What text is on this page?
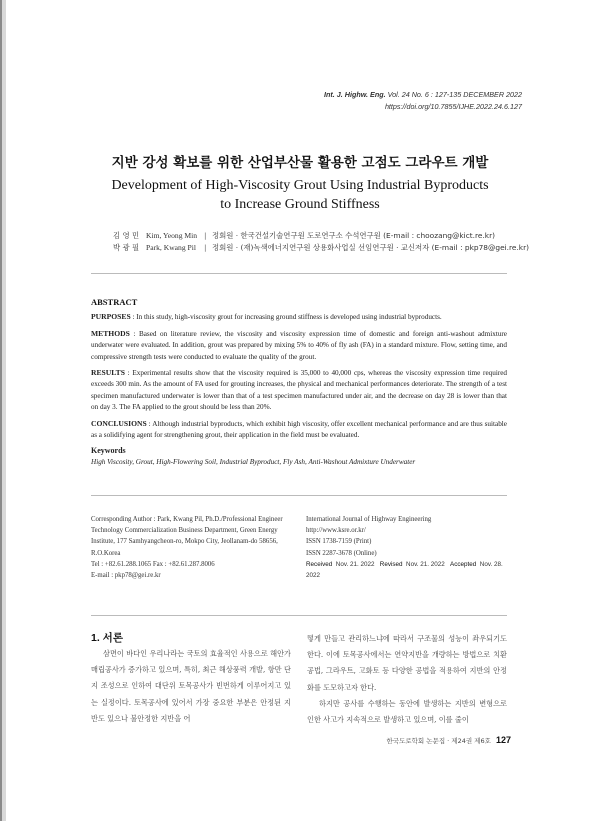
Int. J. Highw. Eng. Vol. 24 No. 6 : 127-135 DECEMBER 2022
https://doi.org/10.7855/IJHE.2022.24.6.127
지반 강성 확보를 위한 산업부산물 활용한 고점도 그라우트 개발
Development of High-Viscosity Grout Using Industrial Byproducts
to Increase Ground Stiffness
김 영 민 Kim, Yeong Min | 정회원 · 한국건설기술연구원 도로연구소 수석연구원 (E-mail : choozang@kict.re.kr)
박 광 필 Park, Kwang Pil	| 정회원 · (재)녹색에너지연구원 상용화사업실 선임연구원 · 교신저자 (E-mail : pkp78@gei.re.kr)
ABSTRACT

PURPOSES : In this study, high-viscosity grout for increasing ground stiffness is developed using industrial byproducts.

METHODS : Based on literature review, the viscosity and viscosity expression time of domestic and foreign anti-washout admixture underwater were evaluated. In addition, grout was prepared by mixing 5% to 40% of fly ash (FA) in a standard mixture. Flow, setting time, and compressive strength tests were conducted to evaluate the quality of the grout.

RESULTS : Experimental results show that the viscosity required is 35,000 to 40,000 cps, whereas the viscosity expression time required exceeds 300 min. As the amount of FA used for grouting increases, the physical and mechanical performances deteriorate. The strength of a test specimen manufactured underwater is lower than that of a test specimen manufactured under air, and the decrease on day 28 is lower than that on day 3. The FA applied to the grout should be less than 20%.

CONCLUSIONS : Although industrial byproducts, which exhibit high viscosity, offer excellent mechanical performance and are thus suitable as a solidifying agent for strengthening grout, their application in the field must be evaluated.

Keywords
High Viscosity, Grout, High-Flowering Soil, Industrial Byproduct, Fly Ash, Anti-Washout Admixture Underwater
Corresponding Author : Park, Kwang Pil, Ph.D./Professional Engineer
Technology Commercialization Business Department, Green Energy
Institute, 177 Samhyangcheon-ro, Mokpo City, Jeollanam-do 58656,
R.O.Korea
Tel : +82.61.288.1065 Fax : +82.61.287.8006
E-mail : pkp78@gei.re.kr
International Journal of Highway Engineering
http://www.ksre.or.kr/
ISSN 1738-7159 (Print)
ISSN 2287-3678 (Online)
Received Nov. 21. 2022 Revised Nov. 21. 2022 Accepted Nov. 28. 2022
1. 서론

삼면이 바다인 우리나라는 국토의 효율적인 사용으로 해안가 매립공사가 증가하고 있으며, 특히, 최근 해상풍력 개발, 항만 단지 조성으로 인하여 대단위 토목공사가 빈번하게 이루어지고 있는 실정이다. 토목공사에 있어서 가장 중요한 부분은 안정된 지반도 있으나 불안정한 지반을 어

떻게 만들고 관리하느냐에 따라서 구조물의 성능이 좌우되기도 한다. 이에 토목공사에서는 연약지반을 개량하는 방법으로 치환공법, 그라우트, 고화토 등 다양한 공법을 적용하여 지반의 안정화를 도모하고자 한다.

하지만 공사를 수행하는 동안에 발생하는 지반의 변형으로 인한 사고가 지속적으로 발생하고 있으며, 이를 줄이

한국도로학회 논문집 · 제24권 제6호 127
